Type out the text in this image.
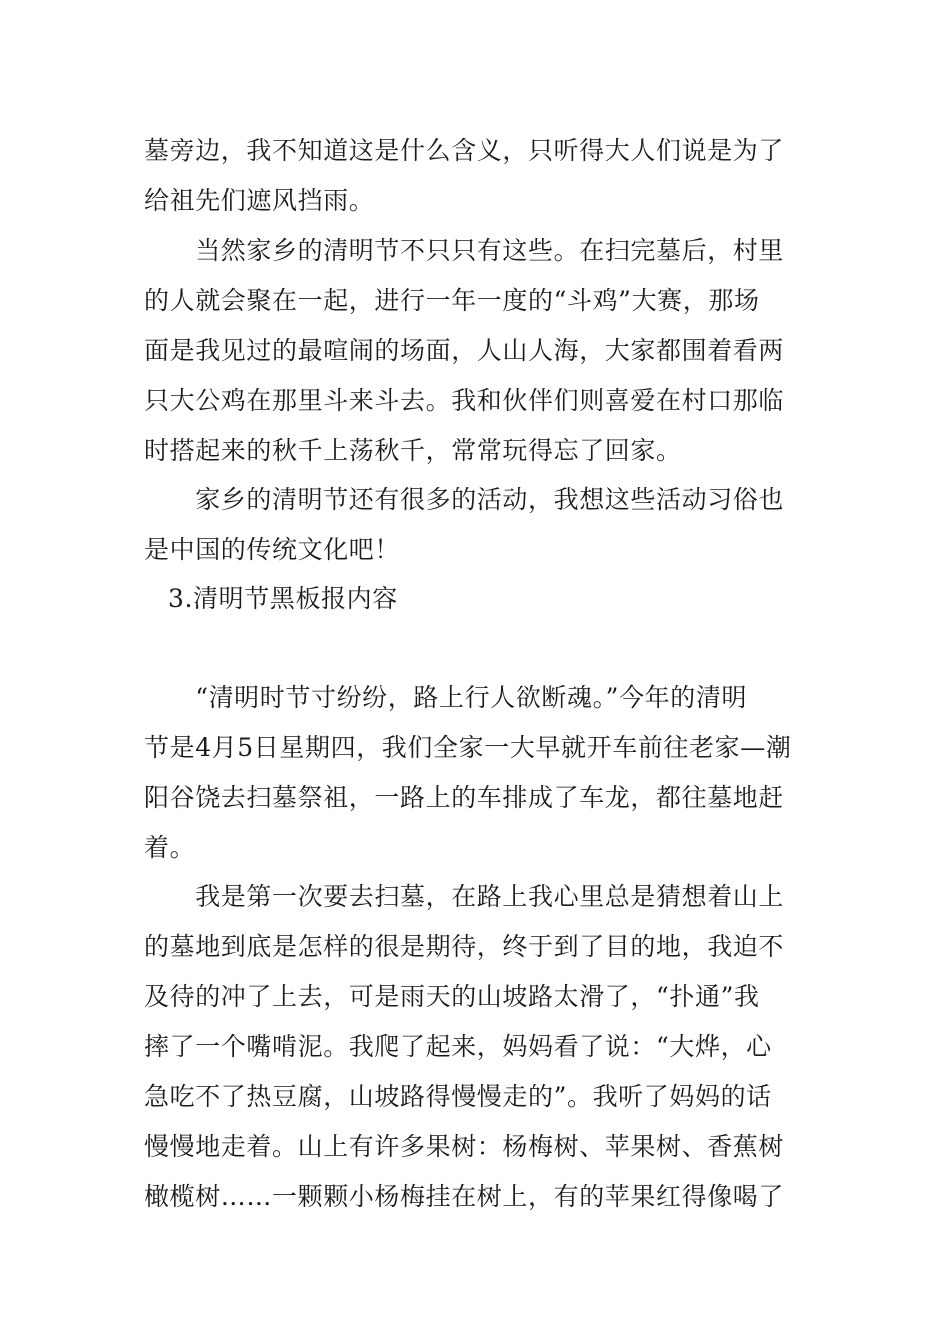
墓旁边，我不知道这是什么含义，只听得大人们说是为了
给祖先们遮风挡雨。
　　当然家乡的清明节不只只有这些。在扫完墓后，村里
的人就会聚在一起，进行一年一度的“斗鸡”大赛，那场
面是我见过的最喧闹的场面，人山人海，大家都围着看两
只大公鸡在那里斗来斗去。我和伙伴们则喜爱在村口那临
时搭起来的秋千上荡秋千，常常玩得忘了回家。
　　家乡的清明节还有很多的活动，我想这些活动习俗也
是中国的传统文化吧！
3.清明节黑板报内容
　　“清明时节寸纷纷，路上行人欲断魂。”今年的清明
节是4月5日星期四，我们全家一大早就开车前往老家—潮
阳谷饶去扫墓祭祖，一路上的车排成了车龙，都往墓地赶
着。
　　我是第一次要去扫墓，在路上我心里总是猜想着山上
的墓地到底是怎样的很是期待，终于到了目的地，我迫不
及待的冲了上去，可是雨天的山坡路太滑了，“扑通”我
摔了一个嘴啃泥。我爬了起来，妈妈看了说：“大烨，心
急吃不了热豆腐，山坡路得慢慢走的”。我听了妈妈的话
慢慢地走着。山上有许多果树：杨梅树、苹果树、香蕉树
橄榄树……一颗颗小杨梅挂在树上，有的苹果红得像喝了
